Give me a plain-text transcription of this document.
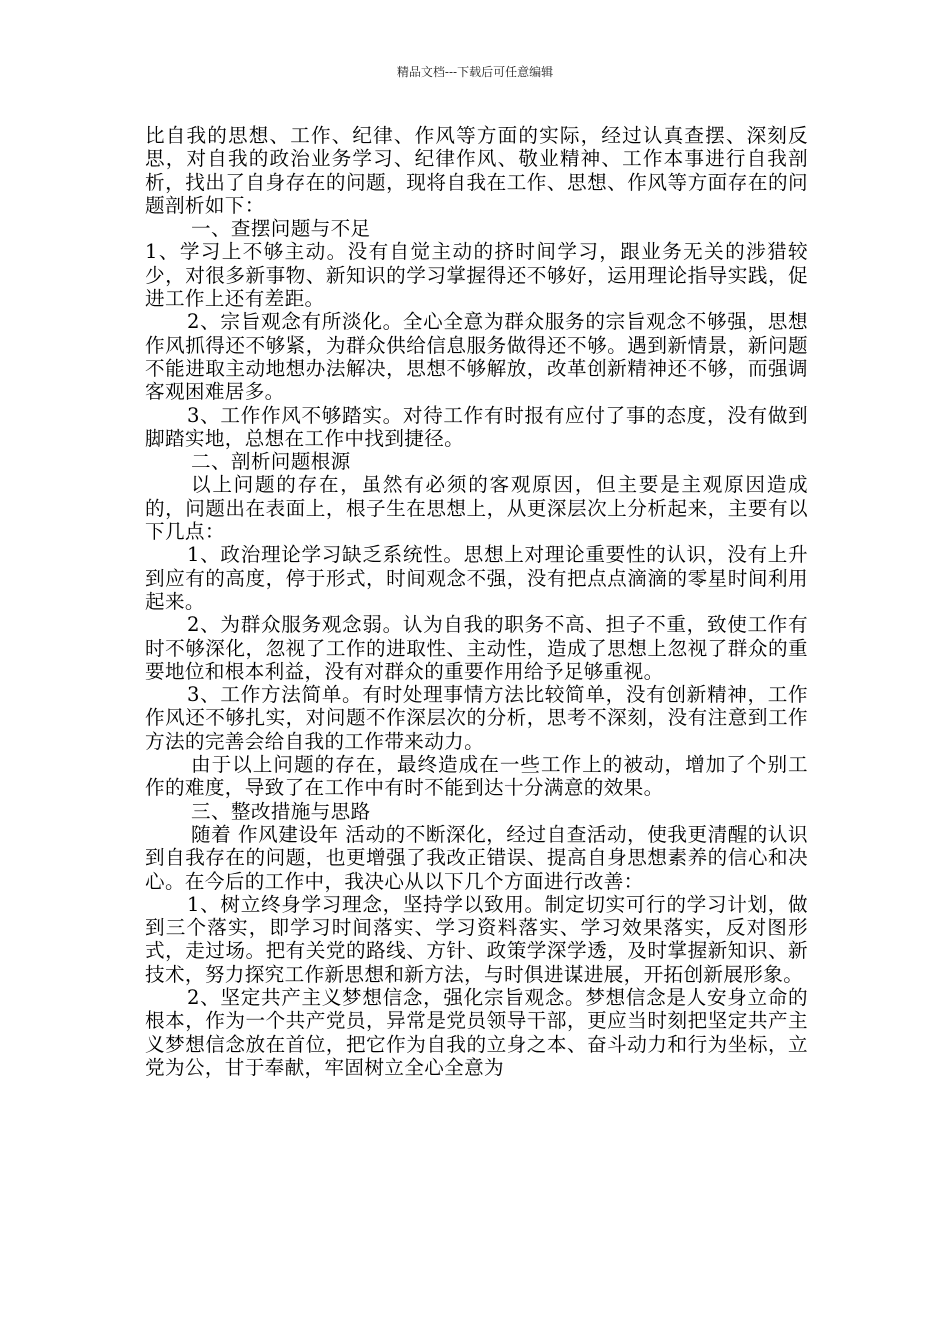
精品文档---下载后可任意编辑

比自我的思想、工作、纪律、作风等方面的实际，经过认真查摆、深刻反思，对自我的政治业务学习、纪律作风、敬业精神、工作本事进行自我剖析，找出了自身存在的问题，现将自我在工作、思想、作风等方面存在的问题剖析如下：

一、查摆问题与不足

1、学习上不够主动。没有自觉主动的挤时间学习，跟业务无关的涉猎较少，对很多新事物、新知识的学习掌握得还不够好，运用理论指导实践，促进工作上还有差距。

2、宗旨观念有所淡化。全心全意为群众服务的宗旨观念不够强，思想作风抓得还不够紧，为群众供给信息服务做得还不够。遇到新情景，新问题不能进取主动地想办法解决，思想不够解放，改革创新精神还不够，而强调客观困难居多。

3、工作作风不够踏实。对待工作有时报有应付了事的态度，没有做到脚踏实地，总想在工作中找到捷径。

二、剖析问题根源

以上问题的存在，虽然有必须的客观原因，但主要是主观原因造成的，问题出在表面上，根子生在思想上，从更深层次上分析起来，主要有以下几点：

1、政治理论学习缺乏系统性。思想上对理论重要性的认识，没有上升到应有的高度，停于形式，时间观念不强，没有把点点滴滴的零星时间利用起来。

2、为群众服务观念弱。认为自我的职务不高、担子不重，致使工作有时不够深化，忽视了工作的进取性、主动性，造成了思想上忽视了群众的重要地位和根本利益，没有对群众的重要作用给予足够重视。

3、工作方法简单。有时处理事情方法比较简单，没有创新精神，工作作风还不够扎实，对问题不作深层次的分析，思考不深刻，没有注意到工作方法的完善会给自我的工作带来动力。

由于以上问题的存在，最终造成在一些工作上的被动，增加了个别工作的难度，导致了在工作中有时不能到达十分满意的效果。

三、整改措施与思路

随着 作风建设年 活动的不断深化，经过自查活动，使我更清醒的认识到自我存在的问题，也更增强了我改正错误、提高自身思想素养的信心和决心。在今后的工作中，我决心从以下几个方面进行改善：

1、树立终身学习理念，坚持学以致用。制定切实可行的学习计划，做到三个落实，即学习时间落实、学习资料落实、学习效果落实，反对图形式，走过场。把有关党的路线、方针、政策学深学透，及时掌握新知识、新技术，努力探究工作新思想和新方法，与时俱进谋进展，开拓创新展形象。

2、坚定共产主义梦想信念，强化宗旨观念。梦想信念是人安身立命的根本，作为一个共产党员，异常是党员领导干部，更应当时刻把坚定共产主义梦想信念放在首位，把它作为自我的立身之本、奋斗动力和行为坐标，立党为公，甘于奉献，牢固树立全心全意为
